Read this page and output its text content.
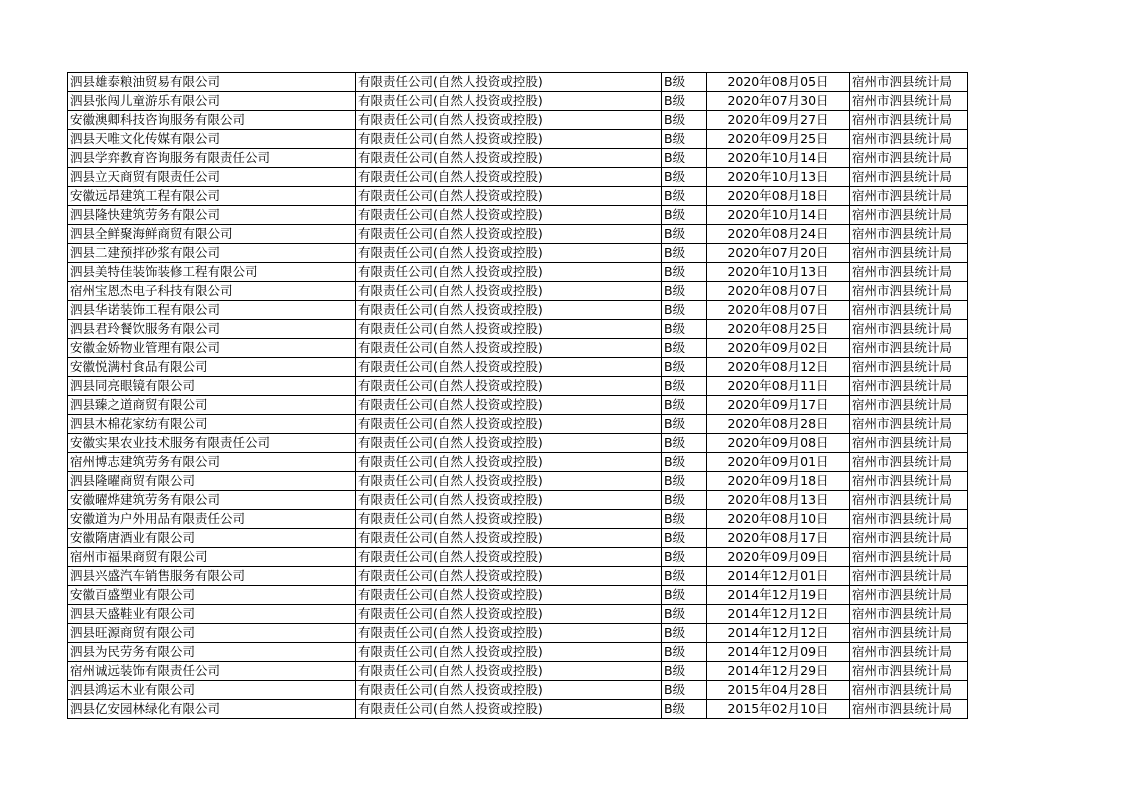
泗县雄泰粮油贸易有限公司	有限责任公司(自然人投资或控股)	B级	2020年08月05日	宿州市泗县统计局
泗县张闯儿童游乐有限公司	有限责任公司(自然人投资或控股)	B级	2020年07月30日	宿州市泗县统计局
安徽澳卿科技咨询服务有限公司	有限责任公司(自然人投资或控股)	B级	2020年09月27日	宿州市泗县统计局
泗县天唯文化传媒有限公司	有限责任公司(自然人投资或控股)	B级	2020年09月25日	宿州市泗县统计局
泗县学弈教育咨询服务有限责任公司	有限责任公司(自然人投资或控股)	B级	2020年10月14日	宿州市泗县统计局
泗县立天商贸有限责任公司	有限责任公司(自然人投资或控股)	B级	2020年10月13日	宿州市泗县统计局
安徽远昂建筑工程有限公司	有限责任公司(自然人投资或控股)	B级	2020年08月18日	宿州市泗县统计局
泗县隆快建筑劳务有限公司	有限责任公司(自然人投资或控股)	B级	2020年10月14日	宿州市泗县统计局
泗县全鲜聚海鲜商贸有限公司	有限责任公司(自然人投资或控股)	B级	2020年08月24日	宿州市泗县统计局
泗县二建预拌砂浆有限公司	有限责任公司(自然人投资或控股)	B级	2020年07月20日	宿州市泗县统计局
泗县美特佳装饰装修工程有限公司	有限责任公司(自然人投资或控股)	B级	2020年10月13日	宿州市泗县统计局
宿州宝恩杰电子科技有限公司	有限责任公司(自然人投资或控股)	B级	2020年08月07日	宿州市泗县统计局
泗县华诺装饰工程有限公司	有限责任公司(自然人投资或控股)	B级	2020年08月07日	宿州市泗县统计局
泗县君玲餐饮服务有限公司	有限责任公司(自然人投资或控股)	B级	2020年08月25日	宿州市泗县统计局
安徽金娇物业管理有限公司	有限责任公司(自然人投资或控股)	B级	2020年09月02日	宿州市泗县统计局
安徽悦满村食品有限公司	有限责任公司(自然人投资或控股)	B级	2020年08月12日	宿州市泗县统计局
泗县同亮眼镜有限公司	有限责任公司(自然人投资或控股)	B级	2020年08月11日	宿州市泗县统计局
泗县臻之道商贸有限公司	有限责任公司(自然人投资或控股)	B级	2020年09月17日	宿州市泗县统计局
泗县木棉花家纺有限公司	有限责任公司(自然人投资或控股)	B级	2020年08月28日	宿州市泗县统计局
安徽实果农业技术服务有限责任公司	有限责任公司(自然人投资或控股)	B级	2020年09月08日	宿州市泗县统计局
宿州博志建筑劳务有限公司	有限责任公司(自然人投资或控股)	B级	2020年09月01日	宿州市泗县统计局
泗县隆曜商贸有限公司	有限责任公司(自然人投资或控股)	B级	2020年09月18日	宿州市泗县统计局
安徽曜烨建筑劳务有限公司	有限责任公司(自然人投资或控股)	B级	2020年08月13日	宿州市泗县统计局
安徽道为户外用品有限责任公司	有限责任公司(自然人投资或控股)	B级	2020年08月10日	宿州市泗县统计局
安徽隋唐酒业有限公司	有限责任公司(自然人投资或控股)	B级	2020年08月17日	宿州市泗县统计局
宿州市福果商贸有限公司	有限责任公司(自然人投资或控股)	B级	2020年09月09日	宿州市泗县统计局
泗县兴盛汽车销售服务有限公司	有限责任公司(自然人投资或控股)	B级	2014年12月01日	宿州市泗县统计局
安徽百盛塑业有限公司	有限责任公司(自然人投资或控股)	B级	2014年12月19日	宿州市泗县统计局
泗县天盛鞋业有限公司	有限责任公司(自然人投资或控股)	B级	2014年12月12日	宿州市泗县统计局
泗县旺源商贸有限公司	有限责任公司(自然人投资或控股)	B级	2014年12月12日	宿州市泗县统计局
泗县为民劳务有限公司	有限责任公司(自然人投资或控股)	B级	2014年12月09日	宿州市泗县统计局
宿州诚远装饰有限责任公司	有限责任公司(自然人投资或控股)	B级	2014年12月29日	宿州市泗县统计局
泗县鸿运木业有限公司	有限责任公司(自然人投资或控股)	B级	2015年04月28日	宿州市泗县统计局
泗县亿安园林绿化有限公司	有限责任公司(自然人投资或控股)	B级	2015年02月10日	宿州市泗县统计局
